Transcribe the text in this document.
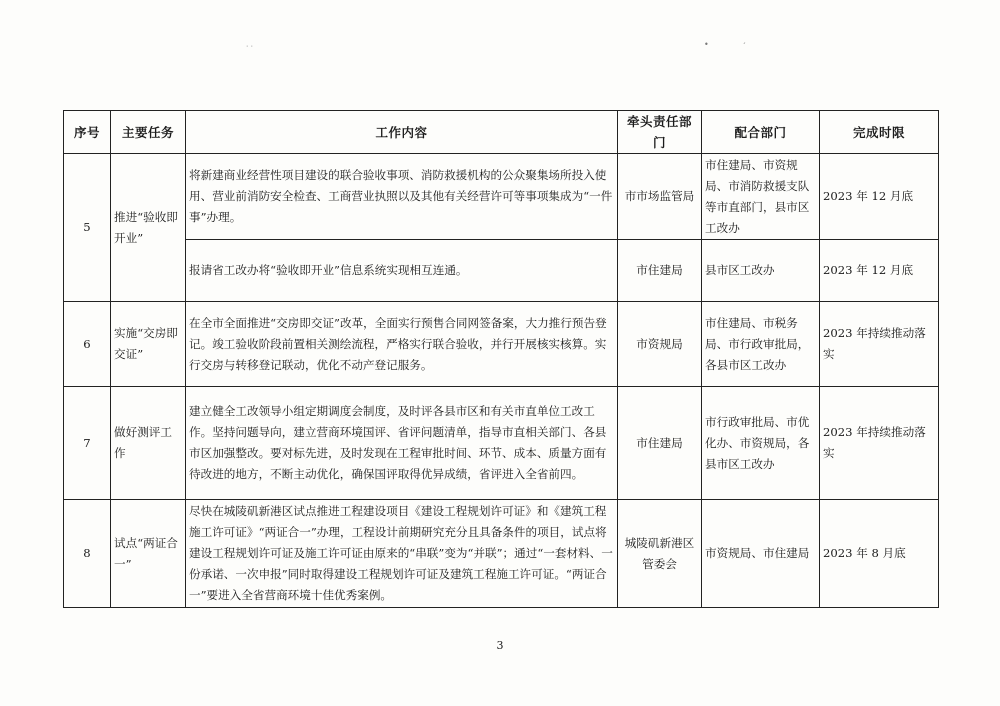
ᐧ ᐧ	•	ˊ
序号	主要任务	工作内容	牵头责任部门	配合部门	完成时限
5	推进“验收即开业”	将新建商业经营性项目建设的联合验收事项、消防救援机构的公众聚集场所投入使用、营业前消防安全检查、工商营业执照以及其他有关经营许可等事项集成为“一件事”办理。	市市场监管局	市住建局、市资规局、市消防救援支队等市直部门，县市区工改办	2023 年 12 月底
		报请省工改办将“验收即开业”信息系统实现相互连通。	市住建局	县市区工改办	2023 年 12 月底
6	实施“交房即交证”	在全市全面推进“交房即交证”改革，全面实行预售合同网签备案，大力推行预告登记。竣工验收阶段前置相关测绘流程，严格实行联合验收，并行开展核实核算。实行交房与转移登记联动，优化不动产登记服务。	市资规局	市住建局、市税务局、市行政审批局，各县市区工改办	2023 年持续推动落实
7	做好测评工作	建立健全工改领导小组定期调度会制度，及时评各县市区和有关市直单位工改工作。坚持问题导向，建立营商环境国评、省评问题清单，指导市直相关部门、各县市区加强整改。要对标先进，及时发现在工程审批时间、环节、成本、质量方面有待改进的地方，不断主动优化，确保国评取得优异成绩，省评进入全省前四。	市住建局	市行政审批局、市优化办、市资规局，各县市区工改办	2023 年持续推动落实
8	试点“两证合一”	尽快在城陵矶新港区试点推进工程建设项目《建设工程规划许可证》和《建筑工程施工许可证》“两证合一”办理，工程设计前期研究充分且具备条件的项目，试点将建设工程规划许可证及施工许可证由原来的“串联”变为“并联”；通过“一套材料、一份承诺、一次申报”同时取得建设工程规划许可证及建筑工程施工许可证。“两证合一”要进入全省营商环境十佳优秀案例。	城陵矶新港区管委会	市资规局、市住建局	2023 年 8 月底
3
